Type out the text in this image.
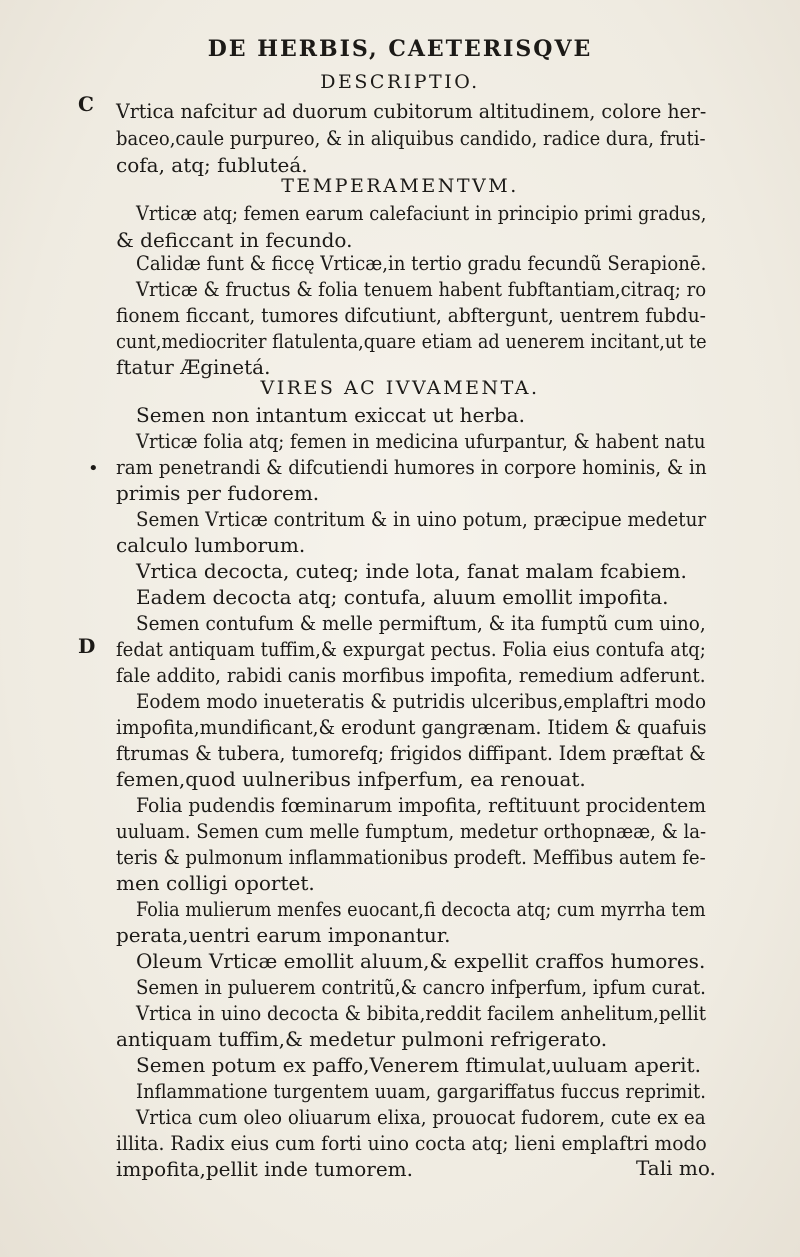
DE HERBIS, CAETERISQVE
DESCRIPTIO.
C Vrtica nafcitur ad duorum cubitorum altitudinem, colore her-
baceo,caule purpureo, & in aliquibus candido, radice dura, fruti-
cofa, atq; fubluteá.
TEMPERAMENTVM.
Vrticæ atq; femen earum calefaciunt in principio primi gradus,
& deficcant in fecundo.
Calidæ funt & ficcę Vrticæ,in tertio gradu fecundũ Serapionē.
Vrticæ & fructus & folia tenuem habent fubftantiam,citraq; ro
fionem ficcant, tumores difcutiunt, abftergunt, uentrem fubdu-
cunt,mediocriter flatulenta,quare etiam ad uenerem incitant,ut te
ftatur Æginetá.
VIRES AC IVVAMENTA.
Semen non intantum exiccat ut herba.
Vrticæ folia atq; femen in medicina ufurpantur, & habent natu
• ram penetrandi & difcutiendi humores in corpore hominis, & in
primis per fudorem.
Semen Vrticæ contritum & in uino potum, præcipue medetur
calculo lumborum.
Vrtica decocta, cuteq; inde lota, fanat malam fcabiem.
Eadem decocta atq; contufa, aluum emollit impofita.
Semen contufum & melle permiftum, & ita fumptũ cum uino,
D fedat antiquam tuffim,& expurgat pectus. Folia eius contufa atq;
fale addito, rabidi canis morfibus impofita, remedium adferunt.
Eodem modo inueteratis & putridis ulceribus,emplaftri modo
impofita,mundificant,& erodunt gangrænam. Itidem & quafuis
ftrumas & tubera, tumorefq; frigidos diffipant. Idem præftat &
femen,quod uulneribus infperfum, ea renouat.
Folia pudendis fœminarum impofita, reftituunt procidentem
uuluam. Semen cum melle fumptum, medetur orthopnææ, & la-
teris & pulmonum inflammationibus prodeft. Meffibus autem fe-
men colligi oportet.
Folia mulierum menfes euocant,fi decocta atq; cum myrrha tem
perata,uentri earum imponantur.
Oleum Vrticæ emollit aluum,& expellit craffos humores.
Semen in puluerem contritũ,& cancro infperfum, ipfum curat.
Vrtica in uino decocta & bibita,reddit facilem anhelitum,pellit
antiquam tuffim,& medetur pulmoni refrigerato.
Semen potum ex paffo,Venerem ftimulat,uuluam aperit.
Inflammatione turgentem uuam, gargariffatus fuccus reprimit.
Vrtica cum oleo oliuarum elixa, prouocat fudorem, cute ex ea
illita. Radix eius cum forti uino cocta atq; lieni emplaftri modo
impofita,pellit inde tumorem.	Tali mo.
